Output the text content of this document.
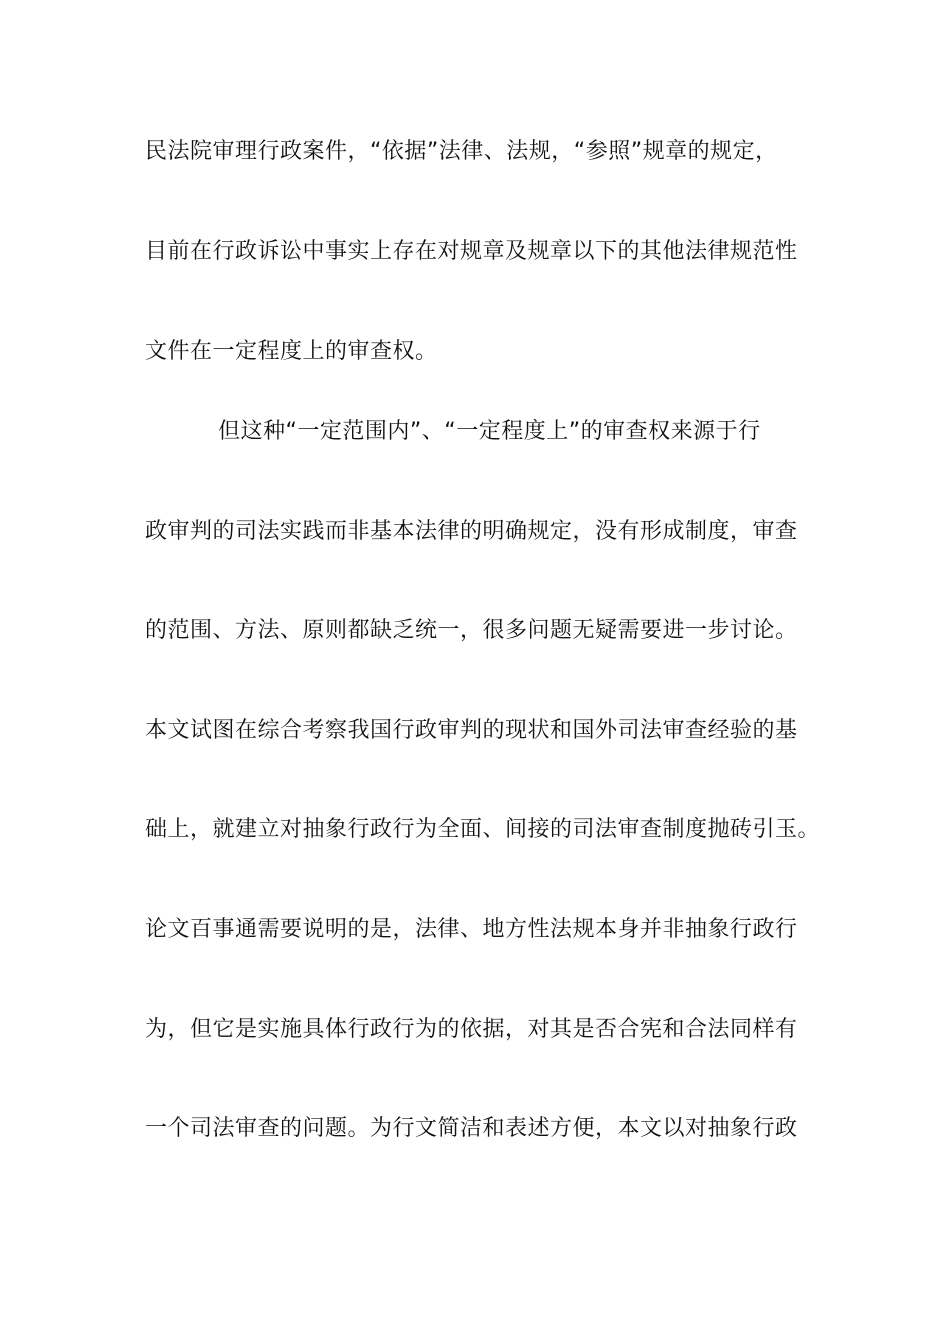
民法院审理行政案件，“依据”法律、法规，“参照”规章的规定，
目前在行政诉讼中事实上存在对规章及规章以下的其他法律规范性
文件在一定程度上的审查权。
但这种“一定范围内”、“一定程度上”的审查权来源于行
政审判的司法实践而非基本法律的明确规定，没有形成制度，审查
的范围、方法、原则都缺乏统一，很多问题无疑需要进一步讨论。
本文试图在综合考察我国行政审判的现状和国外司法审查经验的基
础上，就建立对抽象行政行为全面、间接的司法审查制度抛砖引玉。
论文百事通需要说明的是，法律、地方性法规本身并非抽象行政行
为，但它是实施具体行政行为的依据，对其是否合宪和合法同样有
一个司法审查的问题。为行文简洁和表述方便，本文以对抽象行政
